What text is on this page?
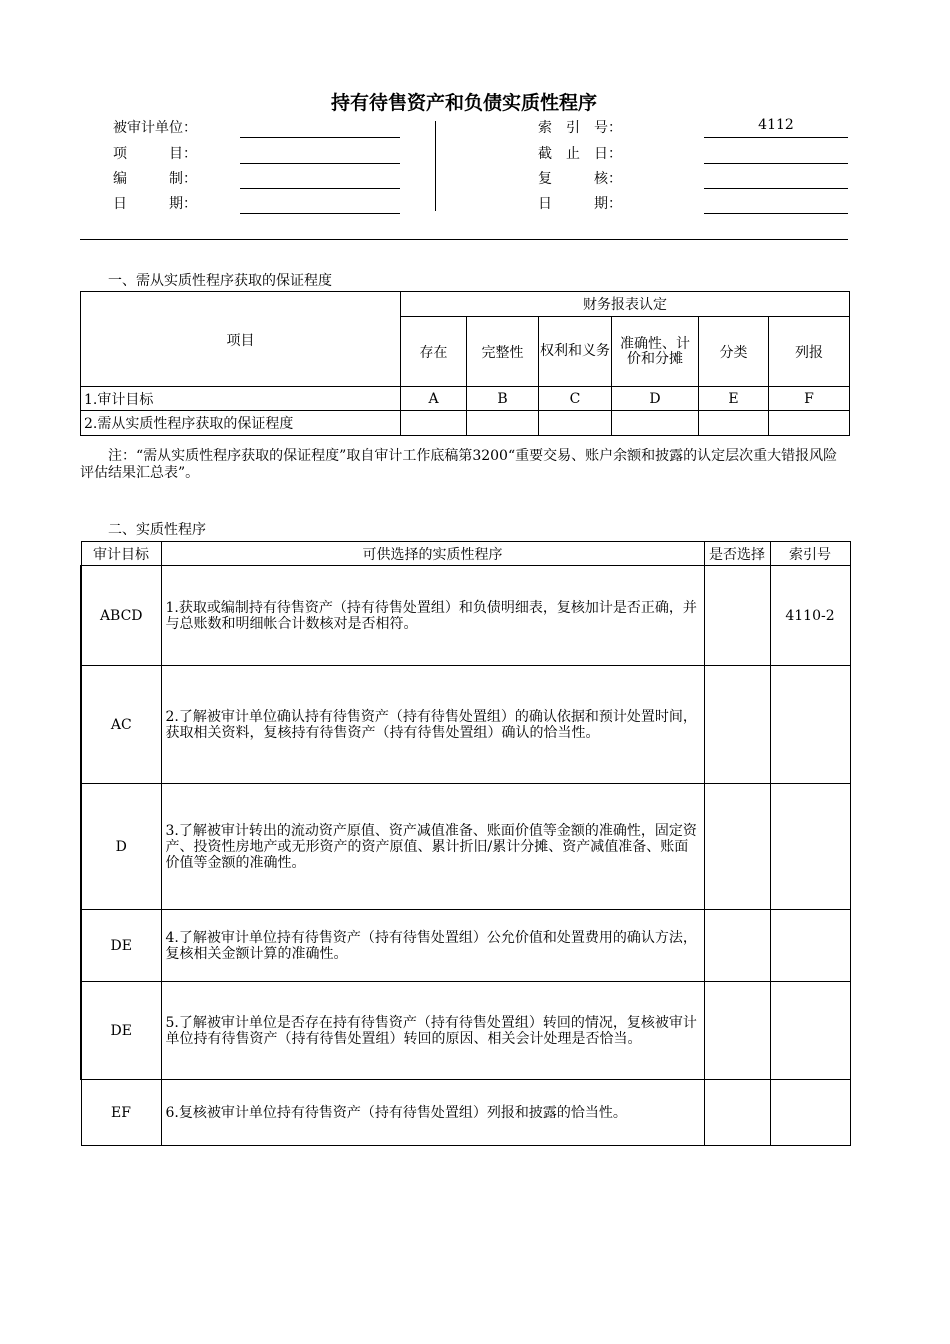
持有待售资产和负债实质性程序
被审计单位：
项　　　目：
编　　　制：
日　　　期：
索　引　号：	4112
截　止　日：
复　　　核：
日　　　期：
一、需从实质性程序获取的保证程度
项目	财务报表认定					
	存在	完整性	权利和义务	准确性、计价和分摊	分类	列报
1.审计目标	A	B	C	D	E	F
2.需从实质性程序获取的保证程度						
注：“需从实质性程序获取的保证程度”取自审计工作底稿第3200“重要交易、账户余额和披露的认定层次重大错报风险评估结果汇总表”。
二、实质性程序
审计目标	可供选择的实质性程序	是否选择	索引号
ABCD	1.获取或编制持有待售资产（持有待售处置组）和负债明细表，复核加计是否正确，并与总账数和明细帐合计数核对是否相符。		4110-2
AC	2.了解被审计单位确认持有待售资产（持有待售处置组）的确认依据和预计处置时间，获取相关资料，复核持有待售资产（持有待售处置组）确认的恰当性。		
D	3.了解被审计转出的流动资产原值、资产减值准备、账面价值等金额的准确性，固定资产、投资性房地产或无形资产的资产原值、累计折旧/累计分摊、资产减值准备、账面价值等金额的准确性。		
DE	4.了解被审计单位持有待售资产（持有待售处置组）公允价值和处置费用的确认方法，复核相关金额计算的准确性。		
DE	5.了解被审计单位是否存在持有待售资产（持有待售处置组）转回的情况，复核被审计单位持有待售资产（持有待售处置组）转回的原因、相关会计处理是否恰当。		
EF	6.复核被审计单位持有待售资产（持有待售处置组）列报和披露的恰当性。		
